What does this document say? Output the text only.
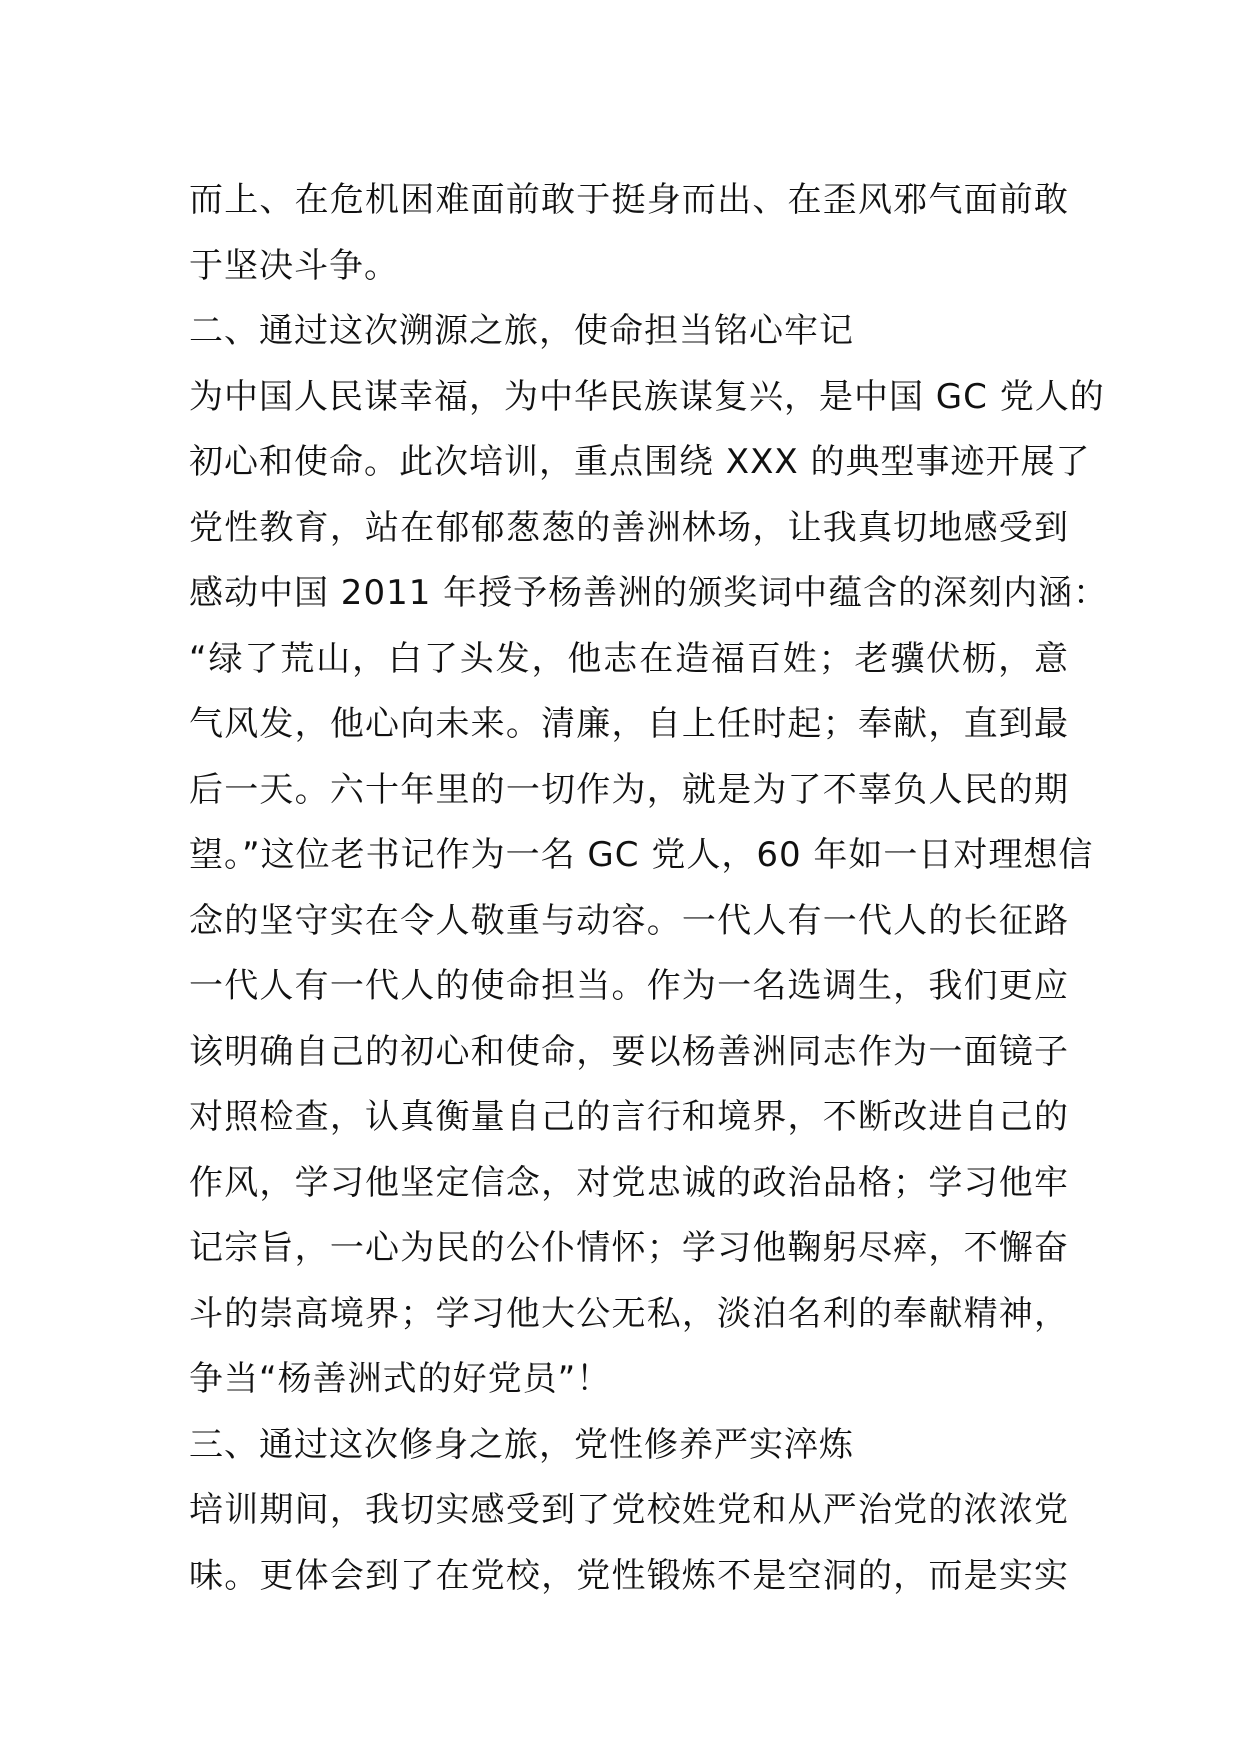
而上、在危机困难面前敢于挺身而出、在歪风邪气面前敢
于坚决斗争。
二、通过这次溯源之旅，使命担当铭心牢记
为中国人民谋幸福，为中华民族谋复兴，是中国 GC 党人的
初心和使命。此次培训，重点围绕 XXX 的典型事迹开展了
党性教育，站在郁郁葱葱的善洲林场，让我真切地感受到
感动中国 2011 年授予杨善洲的颁奖词中蕴含的深刻内涵：
“绿了荒山，白了头发，他志在造福百姓；老骥伏枥，意
气风发，他心向未来。清廉，自上任时起；奉献，直到最
后一天。六十年里的一切作为，就是为了不辜负人民的期
望。”这位老书记作为一名 GC 党人，60 年如一日对理想信
念的坚守实在令人敬重与动容。一代人有一代人的长征路
一代人有一代人的使命担当。作为一名选调生，我们更应
该明确自己的初心和使命，要以杨善洲同志作为一面镜子
对照检查，认真衡量自己的言行和境界，不断改进自己的
作风，学习他坚定信念，对党忠诚的政治品格；学习他牢
记宗旨，一心为民的公仆情怀；学习他鞠躬尽瘁，不懈奋
斗的崇高境界；学习他大公无私，淡泊名利的奉献精神，
争当“杨善洲式的好党员”！
三、通过这次修身之旅，党性修养严实淬炼
培训期间，我切实感受到了党校姓党和从严治党的浓浓党
味。更体会到了在党校，党性锻炼不是空洞的，而是实实
